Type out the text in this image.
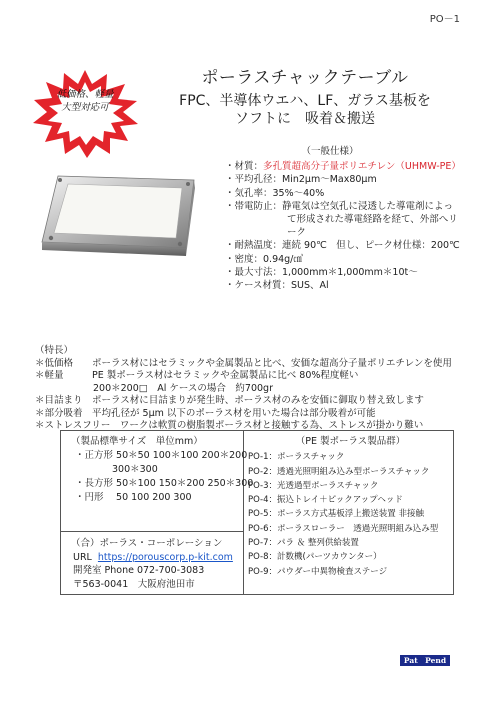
PO－1
低価格、軽量
大型対応可
ポーラスチャックテーブル
FPC、半導体ウエハ、LF、ガラス基板を
ソフトに　吸着＆搬送
（一般仕様）
・材質：多孔質超高分子量ポリエチレン（UHMW-PE）
・平均孔径：Min2μm～Max80μm
・気孔率：35%～40%
・帯電防止：静電気は空気孔に浸透した導電剤によっ
て形成された導電経路を経て、外部へリ
ーク
・耐熱温度：連続 90℃　但し、ピーク材仕様：200℃
・密度：0.94g/㎤
・最大寸法：1,000mm＊1,000mm＊10t～
・ケース材質：SUS、Al
（特長）
＊低価格　　ポーラス材にはセラミックや金属製品と比べ、安価な超高分子量ポリエチレンを使用
＊軽量　　　PE 製ポーラス材はセラミックや金属製品に比べ 80%程度軽い
200＊200□　Al ケースの場合　約700gr
＊目詰まり　ポーラス材に目詰まりが発生時、ポーラス材のみを安価に御取り替え致します
＊部分吸着　平均孔径が 5μm 以下のポーラス材を用いた場合は部分吸着が可能
＊ストレスフリー　ワークは軟質の樹脂製ポーラス材と接触する為、ストレスが掛かり難い
（製品標準サイズ　単位mm）
・正方形 50＊50 100＊100 200＊200
300＊300
・長方形 50＊100 150＊200 250＊300
・円形　 50 100 200 300
（合）ポーラス・コーポレーション
URL https://porouscorp.p-kit.com
開発室 Phone 072-700-3083
〒563-0041　大阪府池田市
（PE 製ポーラス製品群）
PO-1：ポーラスチャック
PO-2：透過光照明組み込み型ポーラスチャック
PO-3：光透過型ポーラスチャック
PO-4：振込トレイ＋ピックアップヘッド
PO-5：ポーラス方式基板浮上搬送装置 非接触
PO-6：ポーラスローラー　透過光照明組み込み型
PO-7：パラ ＆ 整列供給装置
PO-8：計数機(パーツカウンター）
PO-9：パウダー中異物検査ステージ
Pat　Pend
